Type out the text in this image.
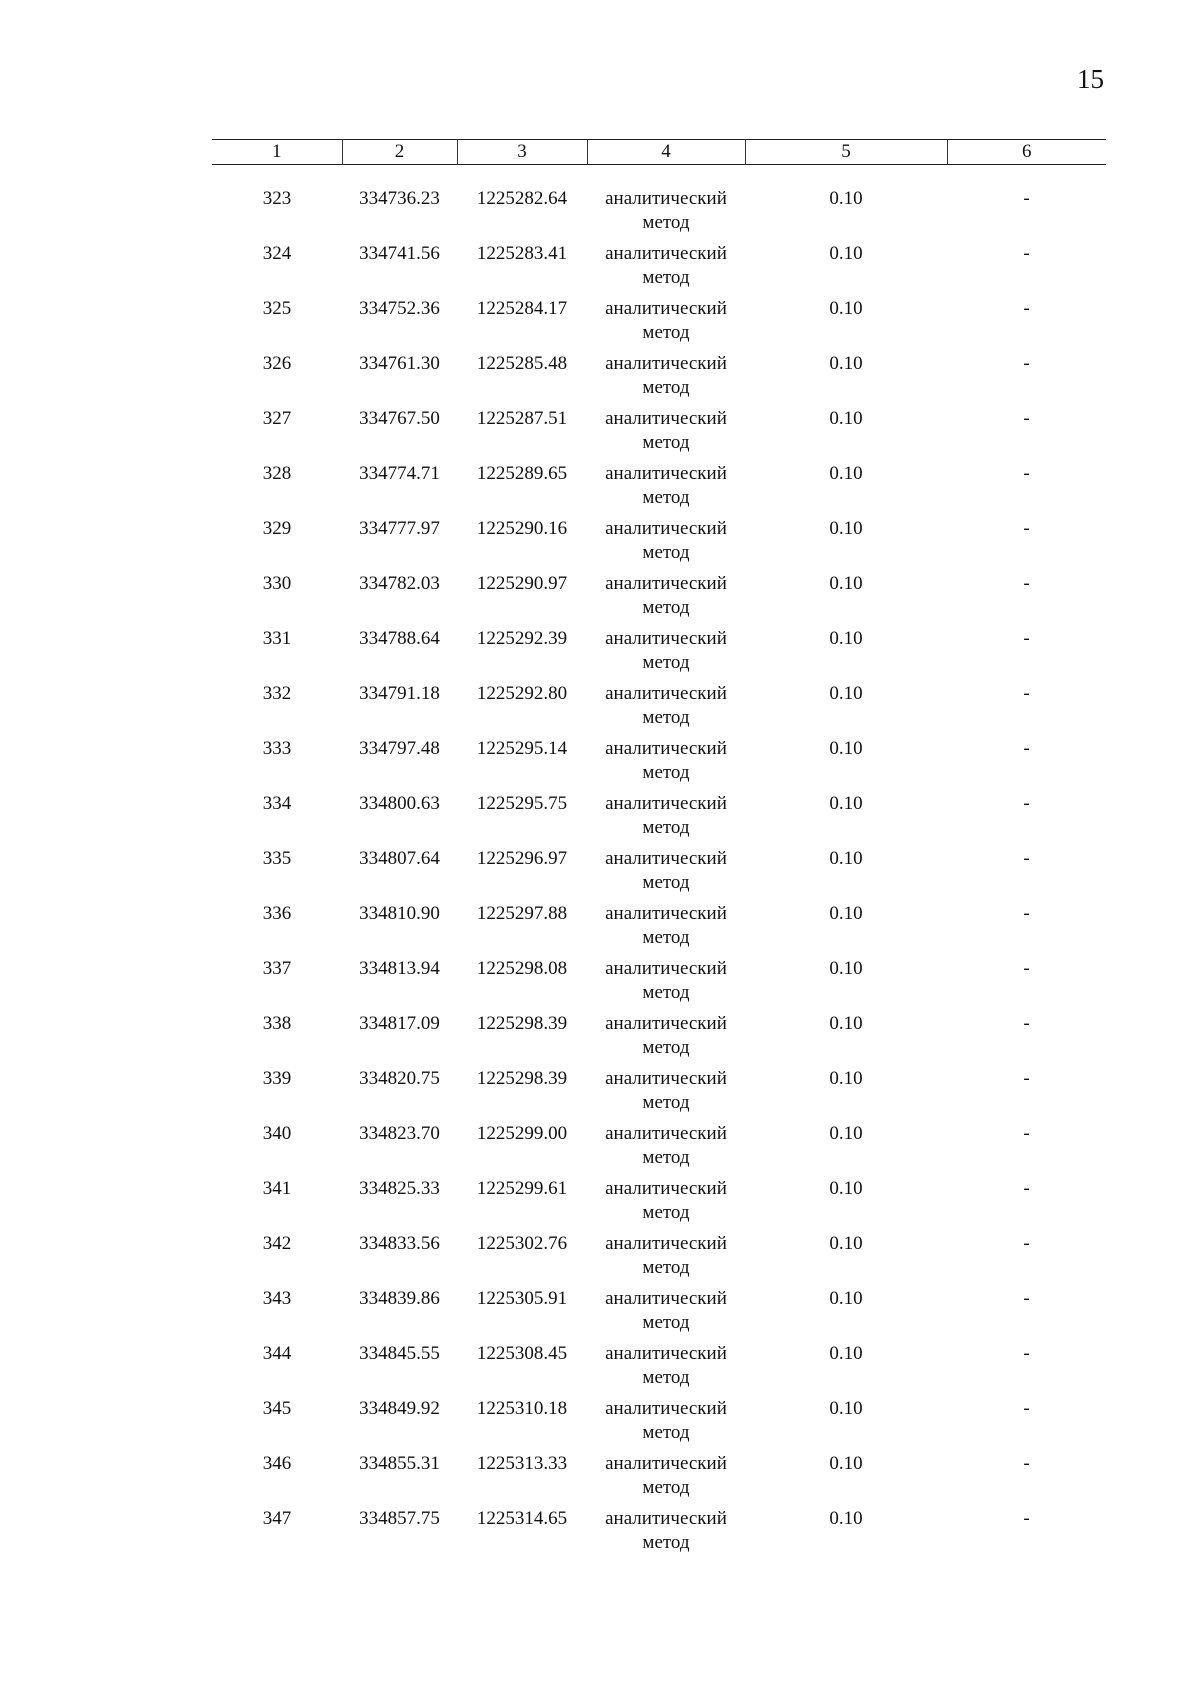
15
1	2	3	4	5	6

323	334736.23	1225282.64	аналитический
метод	0.10	-
324	334741.56	1225283.41	аналитический
метод	0.10	-
325	334752.36	1225284.17	аналитический
метод	0.10	-
326	334761.30	1225285.48	аналитический
метод	0.10	-
327	334767.50	1225287.51	аналитический
метод	0.10	-
328	334774.71	1225289.65	аналитический
метод	0.10	-
329	334777.97	1225290.16	аналитический
метод	0.10	-
330	334782.03	1225290.97	аналитический
метод	0.10	-
331	334788.64	1225292.39	аналитический
метод	0.10	-
332	334791.18	1225292.80	аналитический
метод	0.10	-
333	334797.48	1225295.14	аналитический
метод	0.10	-
334	334800.63	1225295.75	аналитический
метод	0.10	-
335	334807.64	1225296.97	аналитический
метод	0.10	-
336	334810.90	1225297.88	аналитический
метод	0.10	-
337	334813.94	1225298.08	аналитический
метод	0.10	-
338	334817.09	1225298.39	аналитический
метод	0.10	-
339	334820.75	1225298.39	аналитический
метод	0.10	-
340	334823.70	1225299.00	аналитический
метод	0.10	-
341	334825.33	1225299.61	аналитический
метод	0.10	-
342	334833.56	1225302.76	аналитический
метод	0.10	-
343	334839.86	1225305.91	аналитический
метод	0.10	-
344	334845.55	1225308.45	аналитический
метод	0.10	-
345	334849.92	1225310.18	аналитический
метод	0.10	-
346	334855.31	1225313.33	аналитический
метод	0.10	-
347	334857.75	1225314.65	аналитический
метод	0.10	-
